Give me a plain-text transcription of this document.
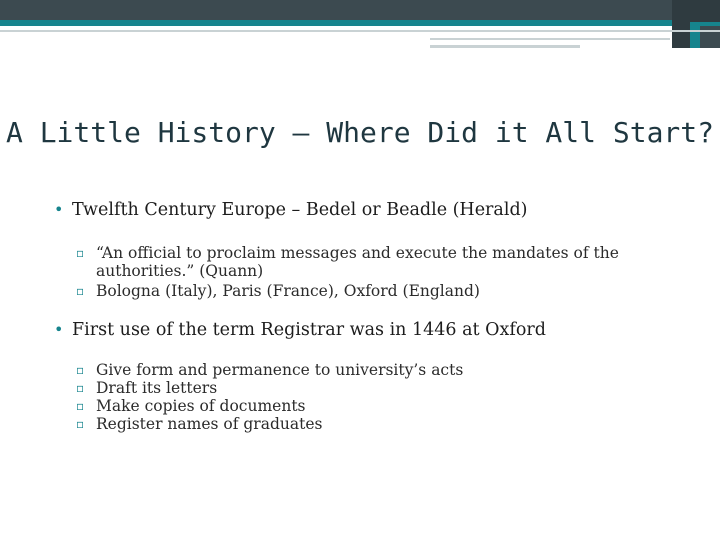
A Little History – Where Did it All Start?
• Twelfth Century Europe – Bedel or Beadle (Herald)
▫ “An official to proclaim messages and execute the mandates of the authorities.” (Quann)
▫ Bologna (Italy), Paris (France), Oxford (England)
• First use of the term Registrar was in 1446 at Oxford
▫ Give form and permanence to university’s acts
▫ Draft its letters
▫ Make copies of documents
▫ Register names of graduates
